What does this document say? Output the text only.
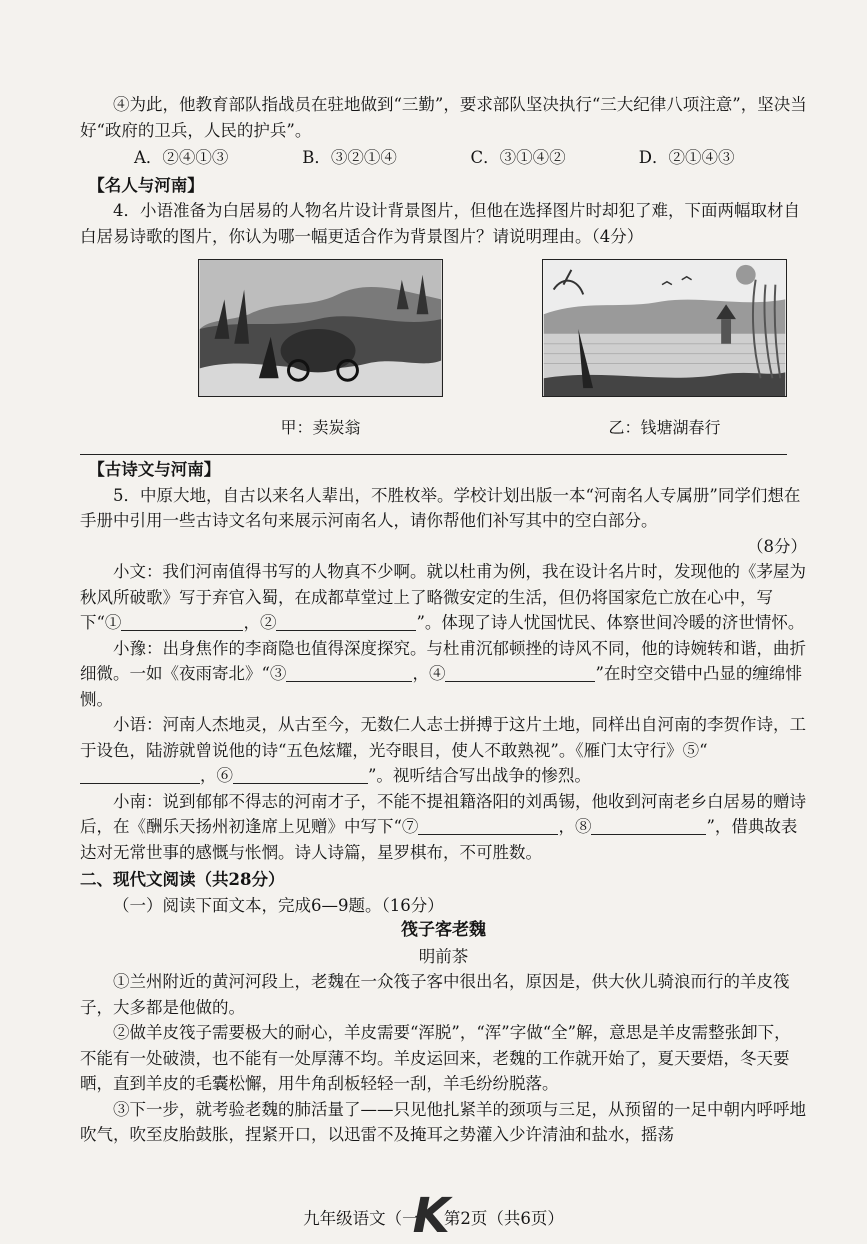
④为此，他教育部队指战员在驻地做到“三勤”，要求部队坚决执行“三大纪律八项注意”，坚决当好“政府的卫兵，人民的护兵”。

A．②④①③	B．③②①④	C．③①④②	D．②①④③

【名人与河南】

4．小语准备为白居易的人物名片设计背景图片，但他在选择图片时却犯了难，下面两幅取材自白居易诗歌的图片，你认为哪一幅更适合作为背景图片？请说明理由。（4分）

甲：卖炭翁	乙：钱塘湖春行

【古诗文与河南】

5．中原大地，自古以来名人辈出，不胜枚举。学校计划出版一本“河南名人专属册”同学们想在手册中引用一些古诗文名句来展示河南名人，请你帮他们补写其中的空白部分。

（8分）

小文：我们河南值得书写的人物真不少啊。就以杜甫为例，我在设计名片时，发现他的《茅屋为秋风所破歌》写于弃官入蜀，在成都草堂过上了略微安定的生活，但仍将国家危亡放在心中，写下“①	，②	”。体现了诗人忧国忧民、体察世间冷暖的济世情怀。

小豫：出身焦作的李商隐也值得深度探究。与杜甫沉郁顿挫的诗风不同，他的诗婉转和谐，曲折细微。一如《夜雨寄北》“③	，④	”在时空交错中凸显的缠绵悱恻。

小语：河南人杰地灵，从古至今，无数仁人志士拼搏于这片土地，同样出自河南的李贺作诗，工于设色，陆游就曾说他的诗“五色炫耀，光夺眼目，使人不敢熟视”。《雁门太守行》⑤“，⑥	”。视听结合写出战争的惨烈。

小南：说到郁郁不得志的河南才子，不能不提祖籍洛阳的刘禹锡，他收到河南老乡白居易的赠诗后，在《酬乐天扬州初逢席上见赠》中写下“⑦	，⑧	”，借典故表达对无常世事的感慨与怅惘。诗人诗篇，星罗棋布，不可胜数。

二、现代文阅读（共28分）

（一）阅读下面文本，完成6—9题。（16分）

筏子客老魏

明前茶

①兰州附近的黄河河段上，老魏在一众筏子客中很出名，原因是，供大伙儿骑浪而行的羊皮筏子，大多都是他做的。

②做羊皮筏子需要极大的耐心，羊皮需要“浑脱”，“浑”字做“全”解，意思是羊皮需整张卸下，不能有一处破溃，也不能有一处厚薄不均。羊皮运回来，老魏的工作就开始了，夏天要焐，冬天要晒，直到羊皮的毛囊松懈，用牛角刮板轻轻一刮，羊毛纷纷脱落。

③下一步，就考验老魏的肺活量了——只见他扎紧羊的颈项与三足，从预留的一足中朝内呼呼地吹气，吹至皮胎鼓胀，捏紧开口，以迅雷不及掩耳之势灌入少许清油和盐水，摇荡

九年级语文（一K第2页（共6页）
